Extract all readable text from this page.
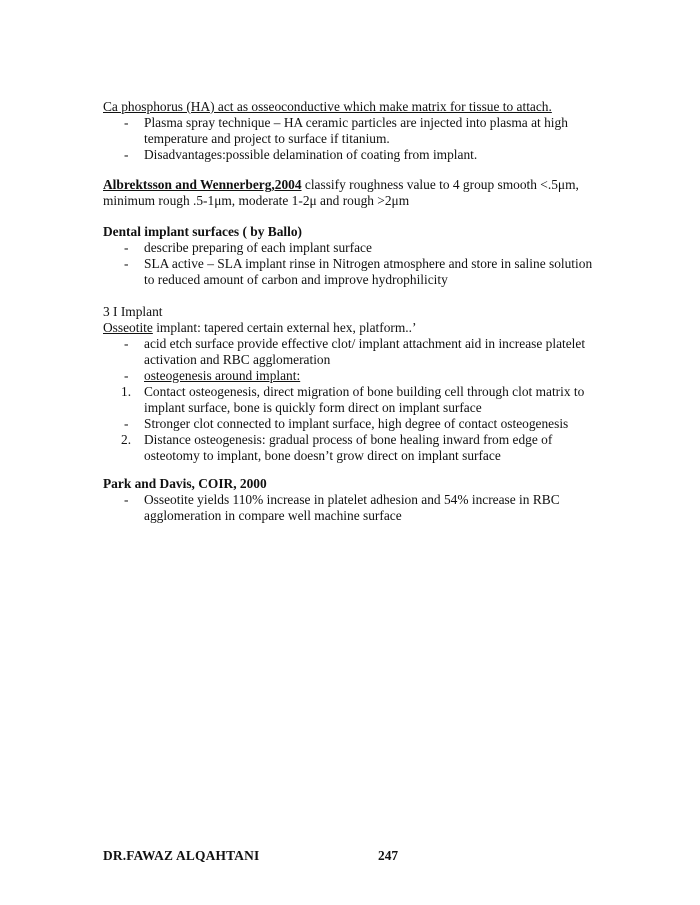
Ca phosphorus (HA) act as osseoconductive which make matrix for tissue to attach.
- Plasma spray technique – HA ceramic particles are injected into plasma at high
temperature and project to surface if titanium.
- Disadvantages:possible delamination of coating from implant.
Albrektsson and Wennerberg,2004 classify roughness value to 4 group smooth <.5μm,
minimum rough .5-1μm, moderate 1-2μ and rough >2μm
Dental implant surfaces ( by Ballo)
- describe preparing of each implant surface
- SLA active – SLA implant rinse in Nitrogen atmosphere and store in saline solution
to reduced amount of carbon and improve hydrophilicity
3 I Implant
Osseotite implant: tapered certain external hex, platform..’
- acid etch surface provide effective clot/ implant attachment aid in increase platelet
activation and RBC agglomeration
- osteogenesis around implant:
1. Contact osteogenesis, direct migration of bone building cell through clot matrix to
implant surface, bone is quickly form direct on implant surface
- Stronger clot connected to implant surface, high degree of contact osteogenesis
2. Distance osteogenesis: gradual process of bone healing inward from edge of
osteotomy to implant, bone doesn’t grow direct on implant surface
Park and Davis, COIR, 2000
- Osseotite yields 110% increase in platelet adhesion and 54% increase in RBC
agglomeration in compare well machine surface
DR.FAWAZ ALQAHTANI	247
